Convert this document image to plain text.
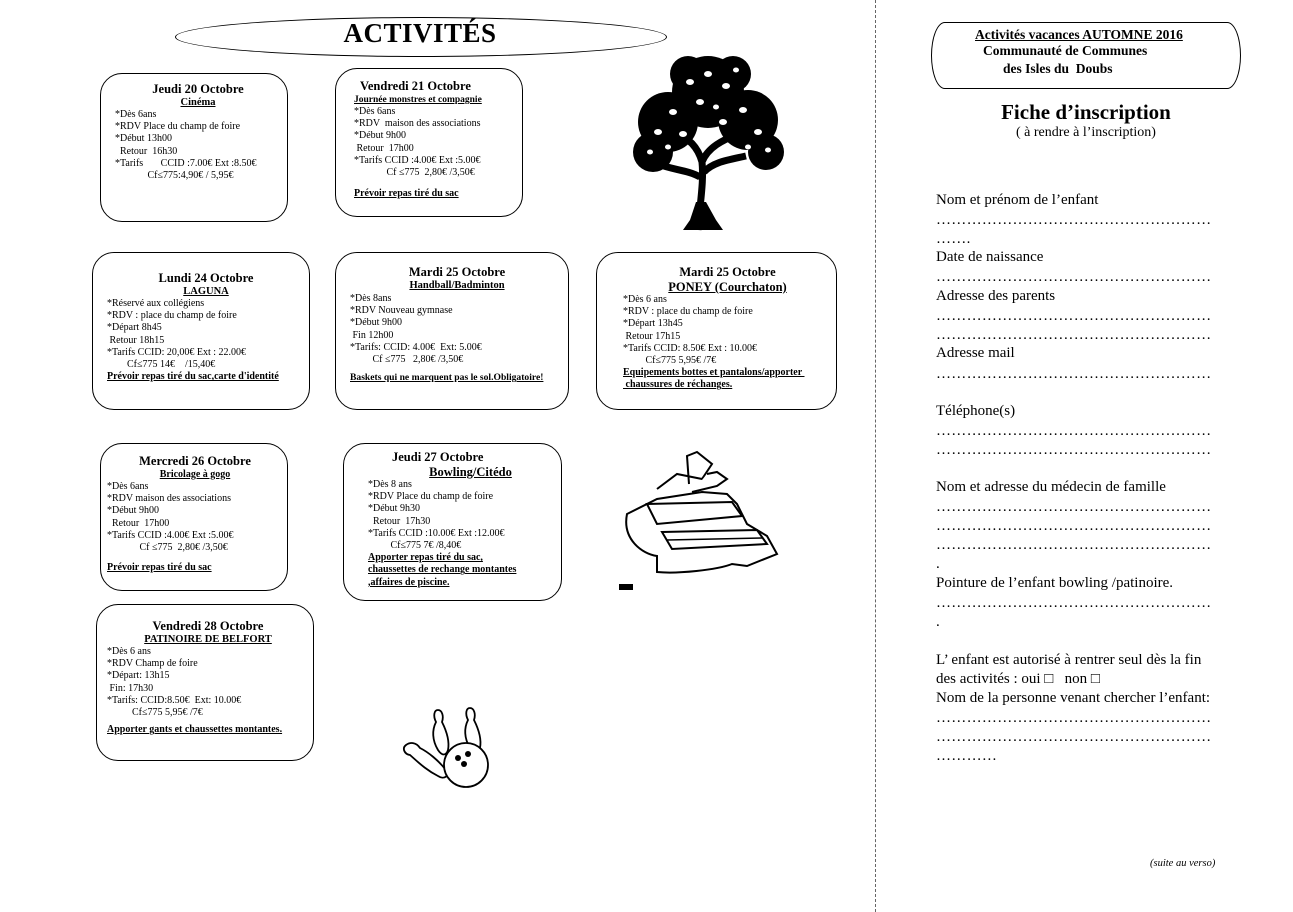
ACTIVITÉS
Jeudi 20 Octobre
Cinéma
*Dès 6ans
*RDV Place du champ de foire
*Début 13h00
Retour  16h30
*Tarifs       CCID :7.00€ Ext :8.50€
Cf≤775:4,90€ / 5,95€
Vendredi 21 Octobre
Journée monstres et compagnie
*Dès 6ans
*RDV  maison des associations
*Début 9h00
Retour  17h00
*Tarifs CCID :4.00€ Ext :5.00€
Cf ≤775  2,80€ /3,50€
Prévoir repas tiré du sac
Lundi 24 Octobre
LAGUNA
*Réservé aux collégiens
*RDV : place du champ de foire
*Départ 8h45
Retour 18h15
*Tarifs CCID: 20,00€ Ext : 22.00€
Cf≤775 14€    /15,40€
Prévoir repas tiré du sac,carte d'identité
Mardi 25 Octobre
Handball/Badminton
*Dès 8ans
*RDV Nouveau gymnase
*Début 9h00
Fin 12h00
*Tarifs: CCID: 4.00€  Ext: 5.00€
Cf ≤775   2,80€ /3,50€
Baskets qui ne marquent pas le sol.Obligatoire!
Mardi 25 Octobre
PONEY (Courchaton)
*Dès 6 ans
*RDV : place du champ de foire
*Départ 13h45
Retour 17h15
*Tarifs CCID: 8.50€ Ext : 10.00€
Cf≤775 5,95€ /7€
Equipements bottes et pantalons/apporter
chaussures de réchanges.
Mercredi 26 Octobre
Bricolage à gogo
*Dès 6ans
*RDV maison des associations
*Début 9h00
Retour  17h00
*Tarifs CCID :4.00€ Ext :5.00€
Cf ≤775  2,80€ /3,50€
Prévoir repas tiré du sac
Jeudi 27 Octobre
Bowling/Citédo
*Dès 8 ans
*RDV Place du champ de foire
*Début 9h30
Retour  17h30
*Tarifs CCID :10.00€ Ext :12.00€
Cf≤775 7€ /8,40€
Apporter repas tiré du sac,
chaussettes de rechange montantes
,affaires de piscine.
Vendredi 28 Octobre
PATINOIRE DE BELFORT
*Dès 6 ans
*RDV Champ de foire
*Départ: 13h15
Fin: 17h30
*Tarifs: CCID:8.50€  Ext: 10.00€
Cf≤775 5,95€ /7€
Apporter gants et chaussettes montantes.
Activités vacances AUTOMNE 2016
Communauté de Communes
des Isles du  Doubs
Fiche d’inscription
( à rendre à l’inscription)
Nom et prénom de l’enfant
………………………………………………
…….
Date de naissance
………………………………………………
Adresse des parents
………………………………………………
………………………………………………
Adresse mail
………………………………………………
Téléphone(s)
………………………………………………
………………………………………………
Nom et adresse du médecin de famille
………………………………………………
………………………………………………
………………………………………………
.
Pointure de l’enfant bowling /patinoire.
………………………………………………
.
L’ enfant est autorisé à rentrer seul dès la fin
des activités : oui □   non □
Nom de la personne venant chercher l’enfant:
………………………………………………
………………………………………………
…………
(suite au verso)
